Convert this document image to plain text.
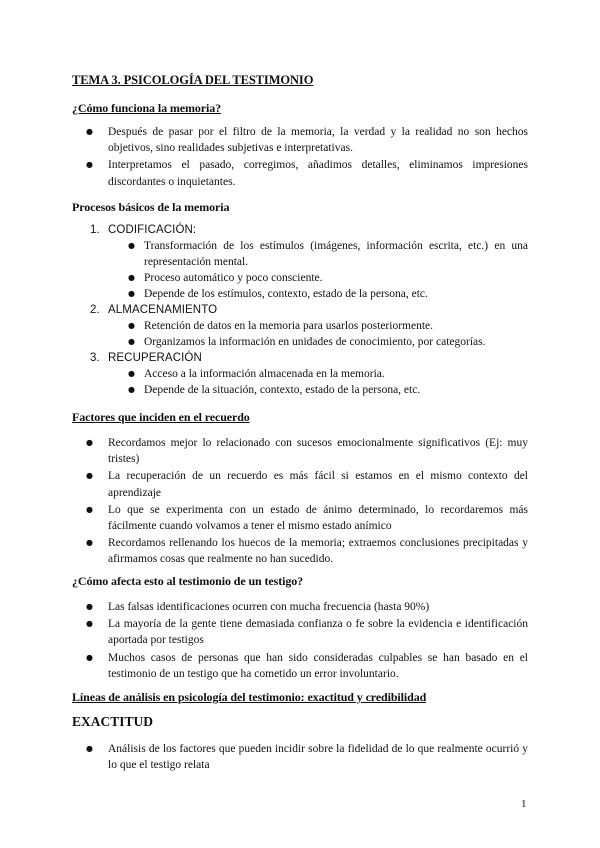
TEMA 3. PSICOLOGÍA DEL TESTIMONIO
¿Cómo funciona la memoria?
● Después de pasar por el filtro de la memoria, la verdad y la realidad no son hechos objetivos, sino realidades subjetivas e interpretativas.
● Interpretamos el pasado, corregimos, añadimos detalles, eliminamos impresiones discordantes o inquietantes.
Procesos básicos de la memoria
1. CODIFICACIÓN:
● Transformación de los estímulos (imágenes, información escrita, etc.) en una representación mental.
● Proceso automático y poco consciente.
● Depende de los estímulos, contexto, estado de la persona, etc.
2. ALMACENAMIENTO
● Retención de datos en la memoria para usarlos posteriormente.
● Organizamos la información en unidades de conocimiento, por categorías.
3. RECUPERACIÓN
● Acceso a la información almacenada en la memoria.
● Depende de la situación, contexto, estado de la persona, etc.
Factores que inciden en el recuerdo
● Recordamos mejor lo relacionado con sucesos emocionalmente significativos (Ej: muy tristes)
● La recuperación de un recuerdo es más fácil si estamos en el mismo contexto del aprendizaje
● Lo que se experimenta con un estado de ánimo determinado, lo recordaremos más fácilmente cuando volvamos a tener el mismo estado anímico
● Recordamos rellenando los huecos de la memoria; extraemos conclusiones precipitadas y afirmamos cosas que realmente no han sucedido.
¿Cómo afecta esto al testimonio de un testigo?
● Las falsas identificaciones ocurren con mucha frecuencia (hasta 90%)
● La mayoría de la gente tiene demasiada confianza o fe sobre la evidencia e identificación aportada por testigos
● Muchos casos de personas que han sido consideradas culpables se han basado en el testimonio de un testigo que ha cometido un error involuntario.
Líneas de análisis en psicología del testimonio: exactitud y credibilidad
EXACTITUD
● Análisis de los factores que pueden incidir sobre la fidelidad de lo que realmente ocurrió y lo que el testigo relata
1
